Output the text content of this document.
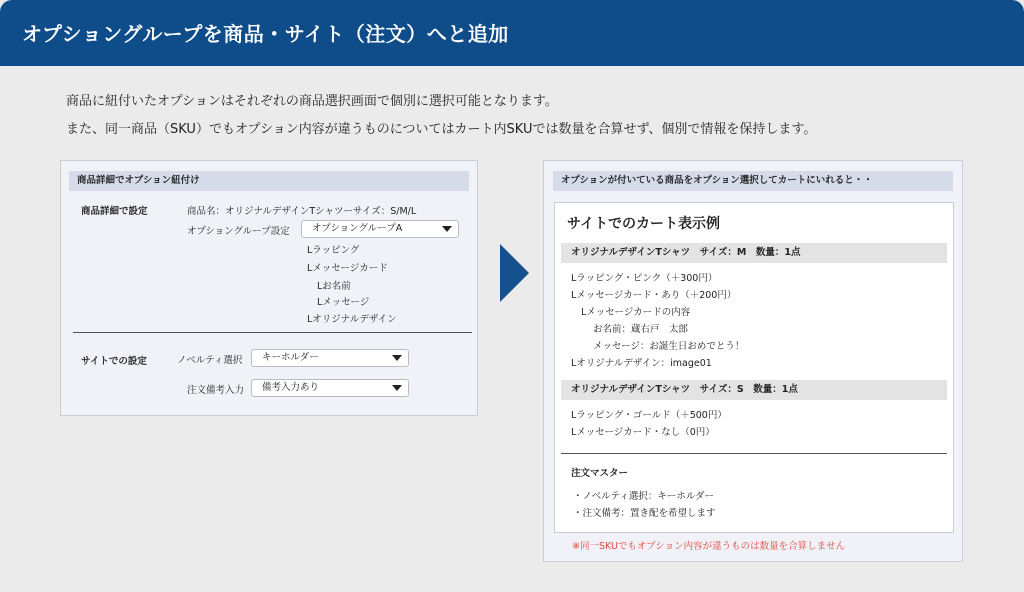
オプショングループを商品・サイト（注文）へと追加
商品に紐付いたオプションはそれぞれの商品選択画面で個別に選択可能となります。
また、同一商品（SKU）でもオプション内容が違うものについてはカート内SKUでは数量を合算せず、個別で情報を保持します。
商品詳細でオプション紐付け
商品詳細で設定	商品名：オリジナルデザインTシャツーサイズ：S/M/L
オプショングループ設定	オプショングループA
Lラッピング
Lメッセージカード
Lお名前
Lメッセージ
Lオリジナルデザイン
サイトでの設定	ノベルティ選択	キーホルダー
注文備考入力	備考入力あり
オプションが付いている商品をオプション選択してカートにいれると・・
サイトでのカート表示例
オリジナルデザインTシャツ　サイズ：M　数量：1点
Lラッピング・ピンク（＋300円）
Lメッセージカード・あり（＋200円）
Lメッセージカードの内容
お名前：蔵右戸　太郎
メッセージ：お誕生日おめでとう！
Lオリジナルデザイン：image01
オリジナルデザインTシャツ　サイズ：S　数量：1点
Lラッピング・ゴールド（＋500円）
Lメッセージカード・なし（0円）
注文マスター
・ノベルティ選択：キーホルダー
・注文備考：置き配を希望します
※同一SKUでもオプション内容が違うものは数量を合算しません
